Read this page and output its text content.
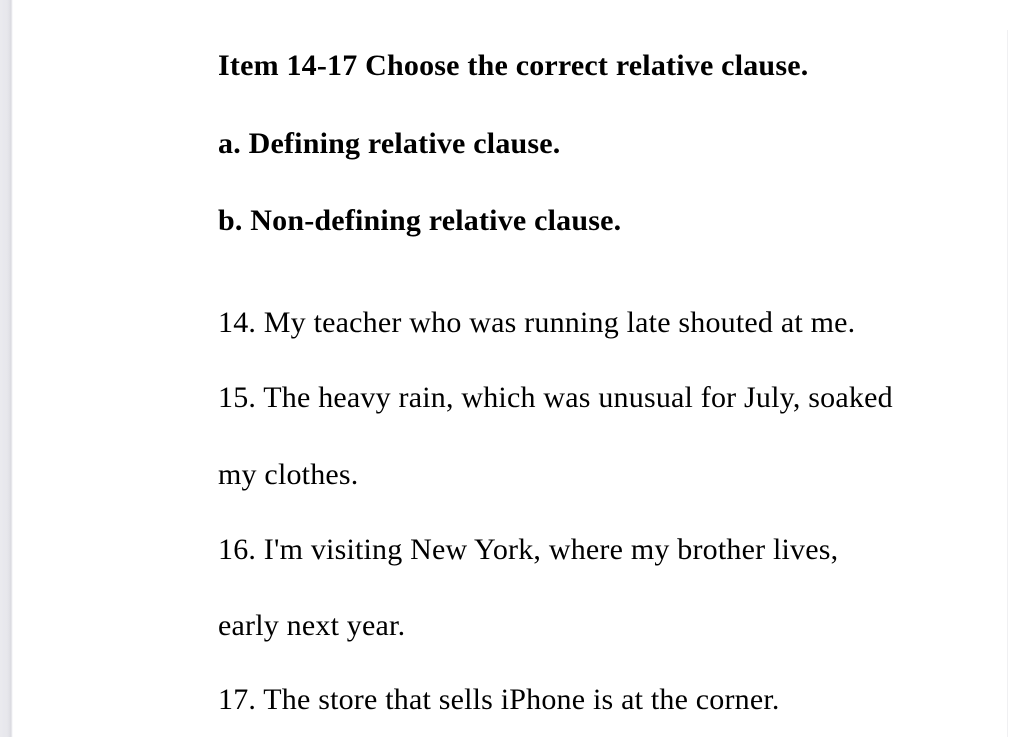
Item 14-17 Choose the correct relative clause.
a. Defining relative clause.
b. Non-defining relative clause.
14. My teacher who was running late shouted at me.
15. The heavy rain, which was unusual for July, soaked
my clothes.
16. I'm visiting New York, where my brother lives,
early next year.
17. The store that sells iPhone is at the corner.
